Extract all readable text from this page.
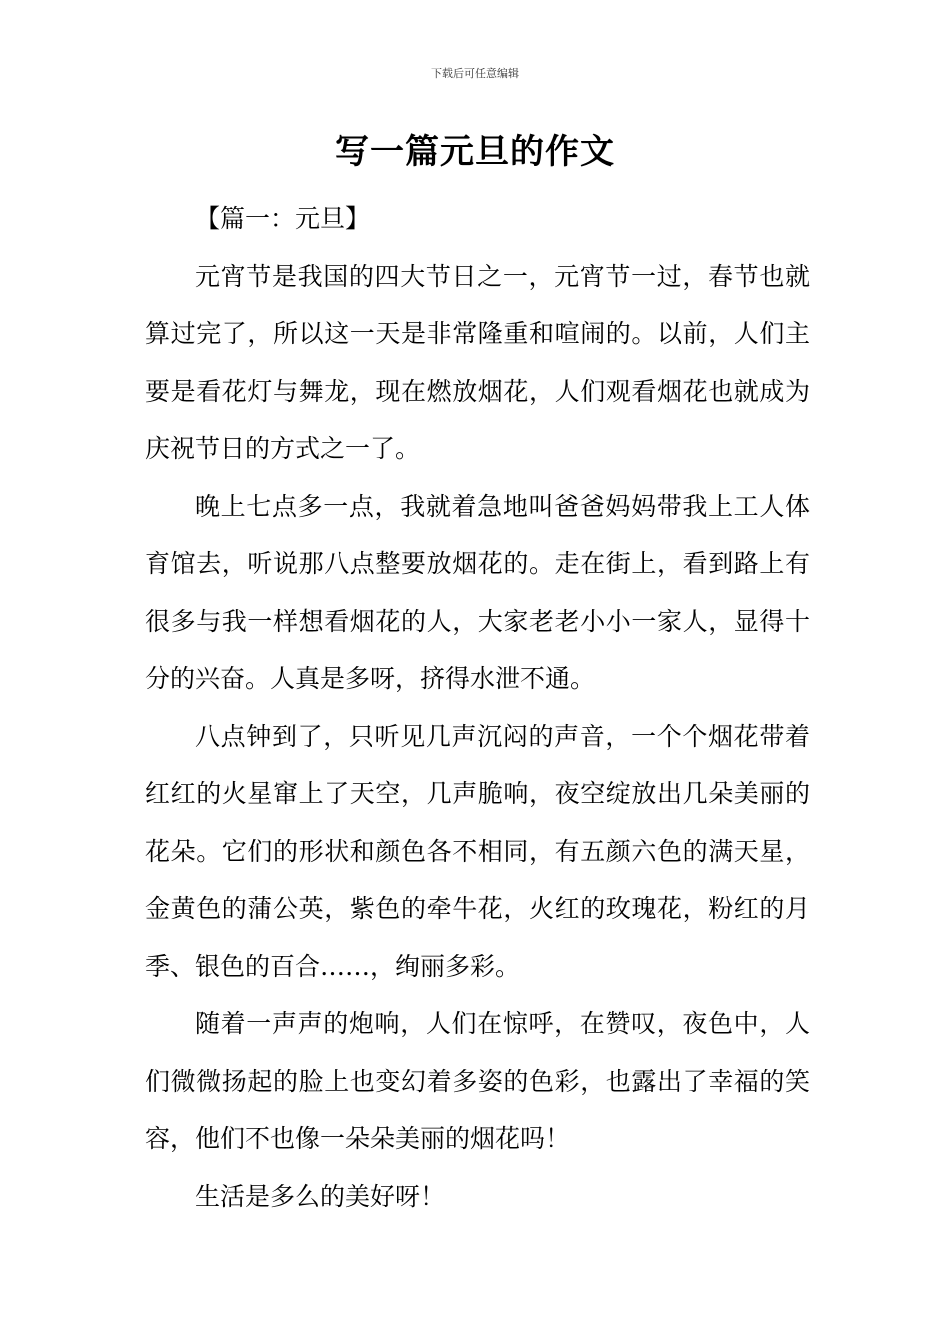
下载后可任意编辑
写一篇元旦的作文

【篇一：元旦】

元宵节是我国的四大节日之一，元宵节一过，春节也就算过完了，所以这一天是非常隆重和喧闹的。以前，人们主要是看花灯与舞龙，现在燃放烟花，人们观看烟花也就成为庆祝节日的方式之一了。

晚上七点多一点，我就着急地叫爸爸妈妈带我上工人体育馆去，听说那八点整要放烟花的。走在街上，看到路上有很多与我一样想看烟花的人，大家老老小小一家人，显得十分的兴奋。人真是多呀，挤得水泄不通。

八点钟到了，只听见几声沉闷的声音，一个个烟花带着红红的火星窜上了天空，几声脆响，夜空绽放出几朵美丽的花朵。它们的形状和颜色各不相同，有五颜六色的满天星，金黄色的蒲公英，紫色的牵牛花，火红的玫瑰花，粉红的月季、银色的百合……，绚丽多彩。

随着一声声的炮响，人们在惊呼，在赞叹，夜色中，人们微微扬起的脸上也变幻着多姿的色彩，也露出了幸福的笑容，他们不也像一朵朵美丽的烟花吗！

生活是多么的美好呀！
